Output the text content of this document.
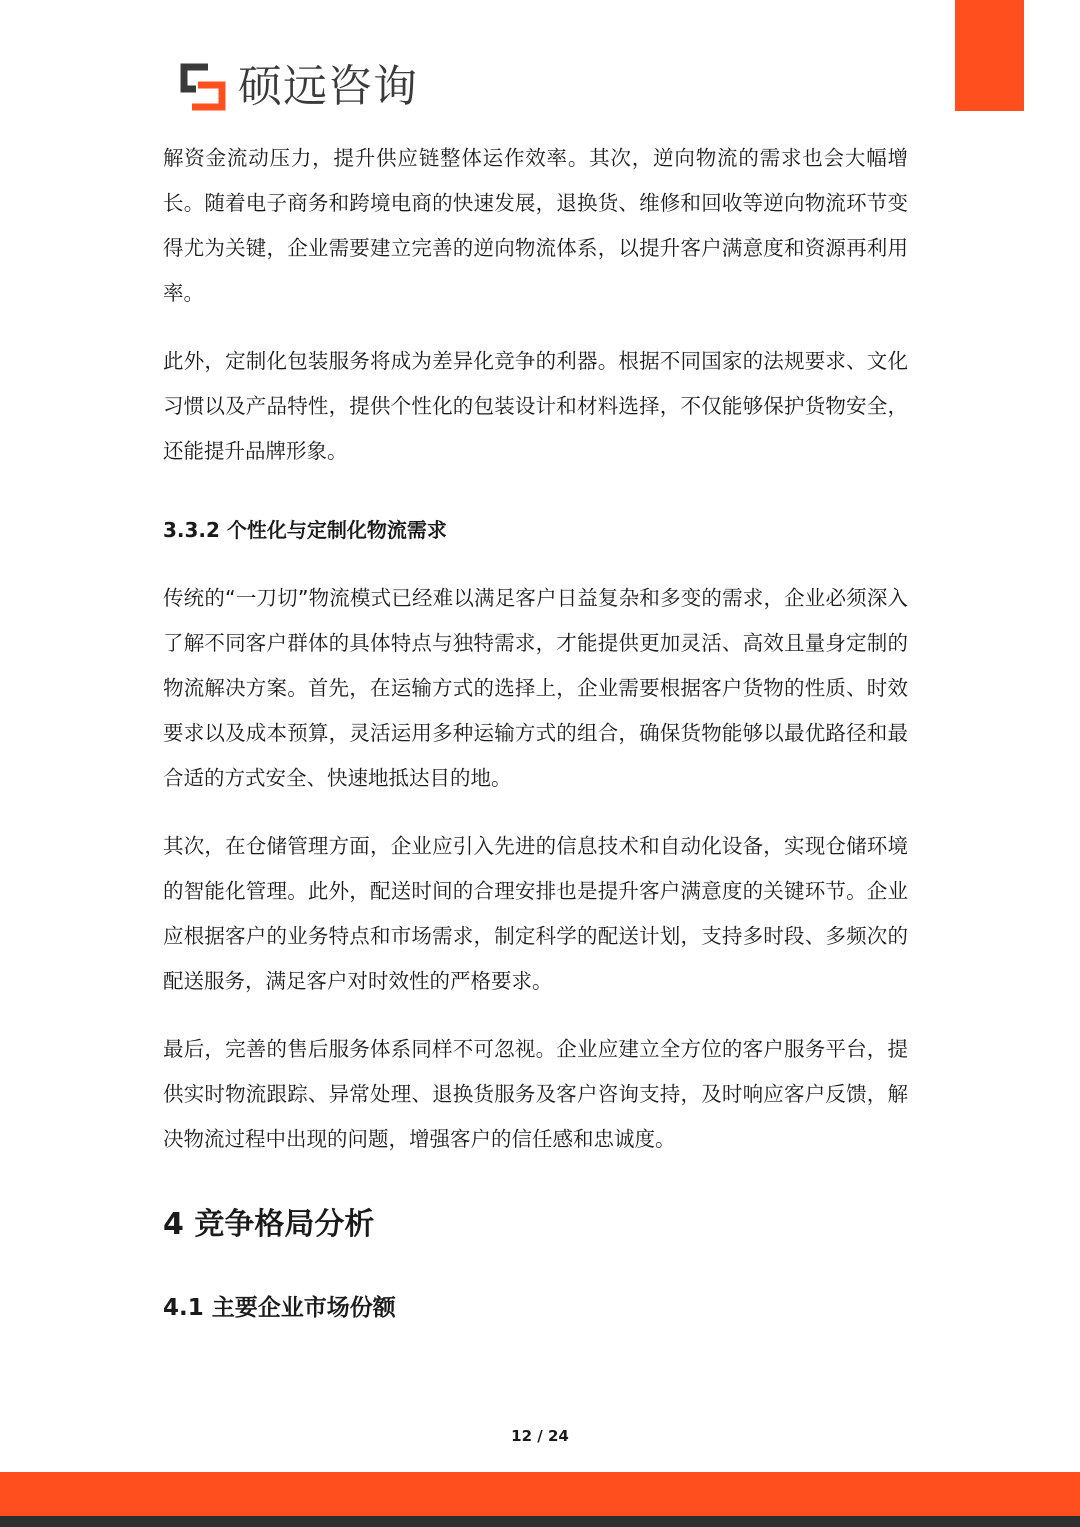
硕远咨询

解资金流动压力，提升供应链整体运作效率。其次，逆向物流的需求也会大幅增长。随着电子商务和跨境电商的快速发展，退换货、维修和回收等逆向物流环节变得尤为关键，企业需要建立完善的逆向物流体系，以提升客户满意度和资源再利用率。

此外，定制化包装服务将成为差异化竞争的利器。根据不同国家的法规要求、文化习惯以及产品特性，提供个性化的包装设计和材料选择，不仅能够保护货物安全，还能提升品牌形象。

3.3.2 个性化与定制化物流需求

传统的“一刀切”物流模式已经难以满足客户日益复杂和多变的需求，企业必须深入了解不同客户群体的具体特点与独特需求，才能提供更加灵活、高效且量身定制的物流解决方案。首先，在运输方式的选择上，企业需要根据客户货物的性质、时效要求以及成本预算，灵活运用多种运输方式的组合，确保货物能够以最优路径和最合适的方式安全、快速地抵达目的地。

其次，在仓储管理方面，企业应引入先进的信息技术和自动化设备，实现仓储环境的智能化管理。此外，配送时间的合理安排也是提升客户满意度的关键环节。企业应根据客户的业务特点和市场需求，制定科学的配送计划，支持多时段、多频次的配送服务，满足客户对时效性的严格要求。

最后，完善的售后服务体系同样不可忽视。企业应建立全方位的客户服务平台，提供实时物流跟踪、异常处理、退换货服务及客户咨询支持，及时响应客户反馈，解决物流过程中出现的问题，增强客户的信任感和忠诚度。

4 竞争格局分析
4.1 主要企业市场份额
12 / 24
